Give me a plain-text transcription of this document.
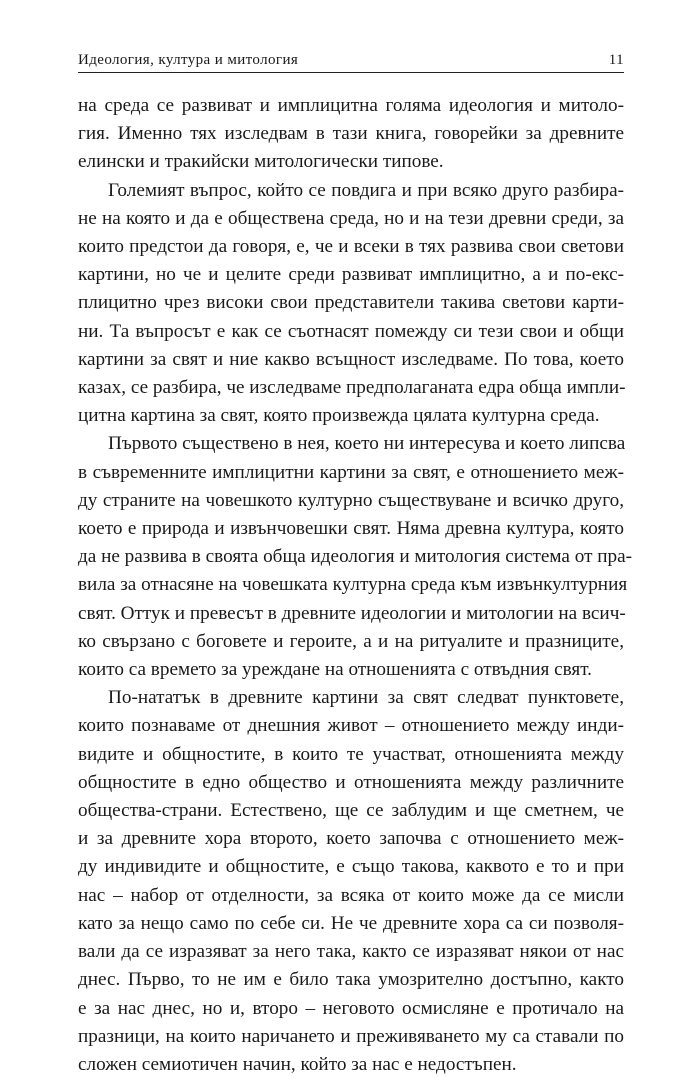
Идеология, култура и митология	11
на среда се развиват и имплицитна голяма идеология и митоло-
гия. Именно тях изследвам в тази книга, говорейки за древните
елински и тракийски митологически типове.
Големият въпрос, който се повдига и при всяко друго разбира-
не на която и да е обществена среда, но и на тези древни среди, за
които предстои да говоря, е, че и всеки в тях развива свои светови
картини, но че и целите среди развиват имплицитно, а и по-екс-
плицитно чрез високи свои представители такива светови карти-
ни. Та въпросът е как се съотнасят помежду си тези свои и общи
картини за свят и ние какво всъщност изследваме. По това, което
казах, се разбира, че изследваме предполаганата едра обща импли-
цитна картина за свят, която произвежда цялата културна среда.
Първото съществено в нея, което ни интересува и което липсва
в съвременните имплицитни картини за свят, е отношението меж-
ду страните на човешкото културно съществуване и всичко друго,
което е природа и извънчовешки свят. Няма древна култура, която
да не развива в своята обща идеология и митология система от пра-
вила за отнасяне на човешката културна среда към извънкултурния
свят. Оттук и превесът в древните идеологии и митологии на всич-
ко свързано с боговете и героите, а и на ритуалите и празниците,
които са времето за уреждане на отношенията с отвъдния свят.
По-нататък в древните картини за свят следват пунктовете,
които познаваме от днешния живот – отношението между инди-
видите и общностите, в които те участват, отношенията между
общностите в едно общество и отношенията между различните
общества-страни. Естествено, ще се заблудим и ще сметнем, че
и за древните хора второто, което започва с отношението меж-
ду индивидите и общностите, е също такова, каквото е то и при
нас – набор от отделности, за всяка от които може да се мисли
като за нещо само по себе си. Не че древните хора са си позволя-
вали да се изразяват за него така, както се изразяват някои от нас
днес. Първо, то не им е било така умозрително достъпно, както
е за нас днес, но и, второ – неговото осмисляне е протичало на
празници, на които наричането и преживяването му са ставали по
сложен семиотичен начин, който за нас е недостъпен.
